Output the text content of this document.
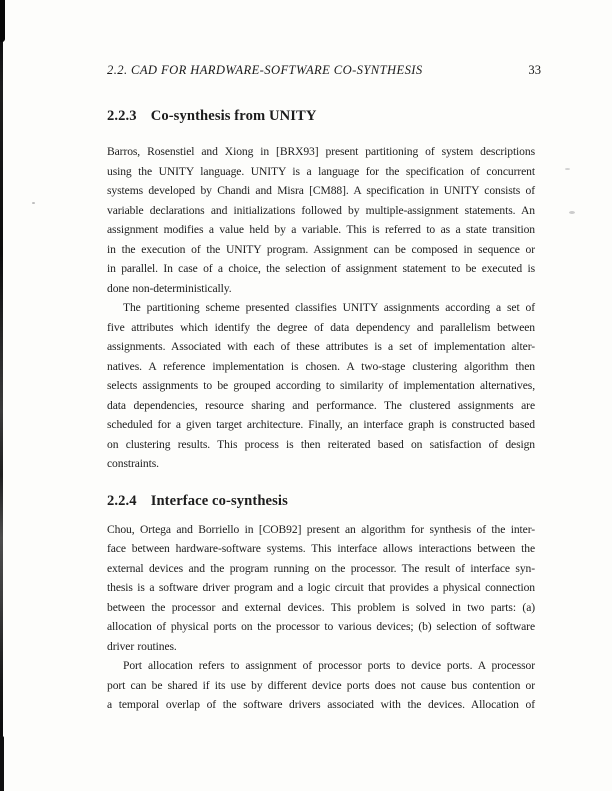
2.2. CAD FOR HARDWARE-SOFTWARE CO-SYNTHESIS	33
2.2.3 Co-synthesis from UNITY
Barros, Rosenstiel and Xiong in [BRX93] present partitioning of system descriptions
using the UNITY language. UNITY is a language for the specification of concurrent
systems developed by Chandi and Misra [CM88]. A specification in UNITY consists of
variable declarations and initializations followed by multiple-assignment statements. An
assignment modifies a value held by a variable. This is referred to as a state transition
in the execution of the UNITY program. Assignment can be composed in sequence or
in parallel. In case of a choice, the selection of assignment statement to be executed is
done non-deterministically.
The partitioning scheme presented classifies UNITY assignments according a set of
five attributes which identify the degree of data dependency and parallelism between
assignments. Associated with each of these attributes is a set of implementation alter-
natives. A reference implementation is chosen. A two-stage clustering algorithm then
selects assignments to be grouped according to similarity of implementation alternatives,
data dependencies, resource sharing and performance. The clustered assignments are
scheduled for a given target architecture. Finally, an interface graph is constructed based
on clustering results. This process is then reiterated based on satisfaction of design
constraints.
2.2.4 Interface co-synthesis
Chou, Ortega and Borriello in [COB92] present an algorithm for synthesis of the inter-
face between hardware-software systems. This interface allows interactions between the
external devices and the program running on the processor. The result of interface syn-
thesis is a software driver program and a logic circuit that provides a physical connection
between the processor and external devices. This problem is solved in two parts: (a)
allocation of physical ports on the processor to various devices; (b) selection of software
driver routines.
Port allocation refers to assignment of processor ports to device ports. A processor
port can be shared if its use by different device ports does not cause bus contention or
a temporal overlap of the software drivers associated with the devices. Allocation of
